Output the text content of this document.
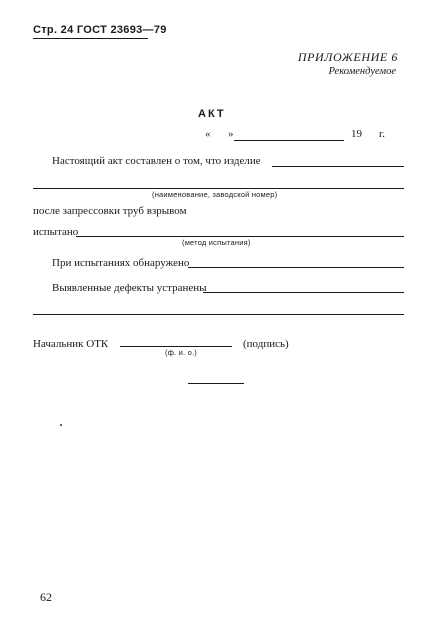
Стр. 24 ГОСТ 23693—79
ПРИЛОЖЕНИЕ 6
Рекомендуемое
АКТ
« »	19 г.
Настоящий акт составлен о том, что изделие
(наименование, заводской номер)
после запрессовки труб взрывом
испытано
(метод испытания)
При испытаниях обнаружено
Выявленные дефекты устранены
Начальник ОТК	(подпись)
(ф. и. о.)
62
